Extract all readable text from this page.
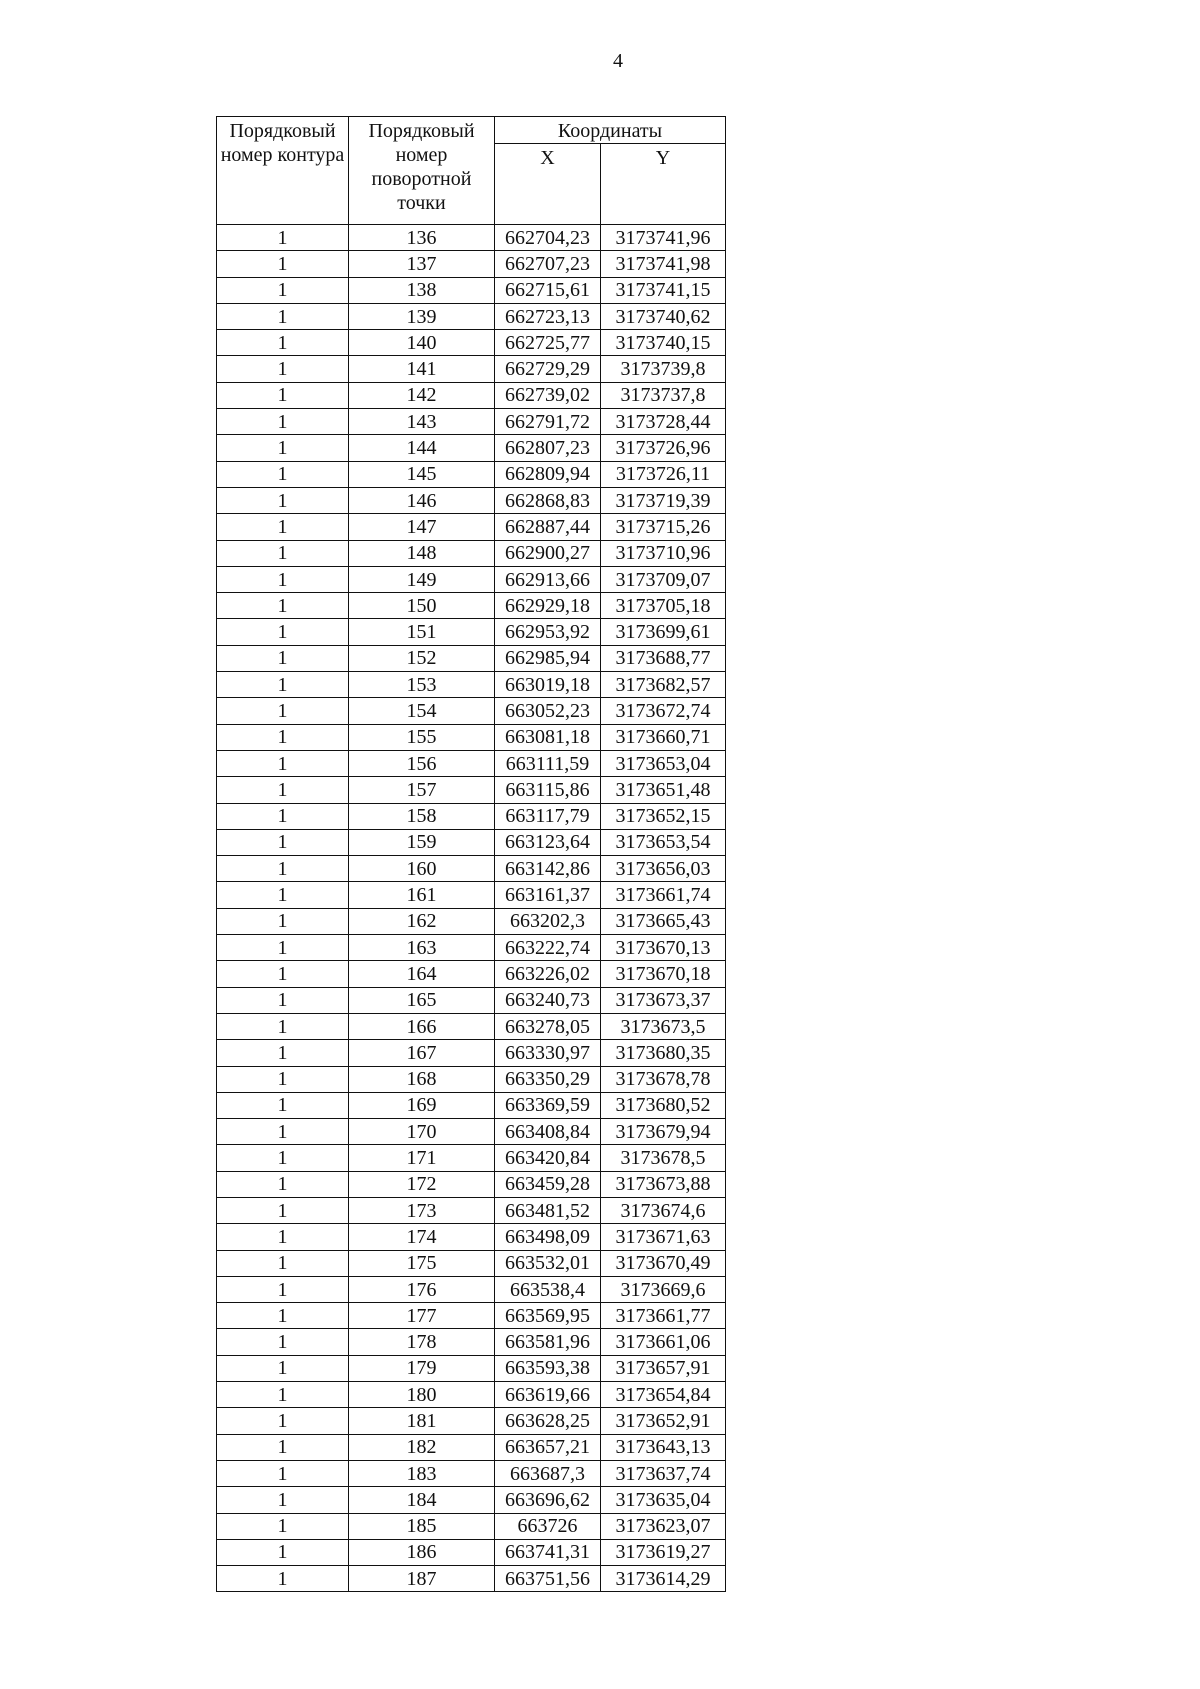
4
Порядковый номер контура	Порядковый номер поворотной точки	Координаты	
		X	Y
1	136	662704,23	3173741,96
1	137	662707,23	3173741,98
1	138	662715,61	3173741,15
1	139	662723,13	3173740,62
1	140	662725,77	3173740,15
1	141	662729,29	3173739,8
1	142	662739,02	3173737,8
1	143	662791,72	3173728,44
1	144	662807,23	3173726,96
1	145	662809,94	3173726,11
1	146	662868,83	3173719,39
1	147	662887,44	3173715,26
1	148	662900,27	3173710,96
1	149	662913,66	3173709,07
1	150	662929,18	3173705,18
1	151	662953,92	3173699,61
1	152	662985,94	3173688,77
1	153	663019,18	3173682,57
1	154	663052,23	3173672,74
1	155	663081,18	3173660,71
1	156	663111,59	3173653,04
1	157	663115,86	3173651,48
1	158	663117,79	3173652,15
1	159	663123,64	3173653,54
1	160	663142,86	3173656,03
1	161	663161,37	3173661,74
1	162	663202,3	3173665,43
1	163	663222,74	3173670,13
1	164	663226,02	3173670,18
1	165	663240,73	3173673,37
1	166	663278,05	3173673,5
1	167	663330,97	3173680,35
1	168	663350,29	3173678,78
1	169	663369,59	3173680,52
1	170	663408,84	3173679,94
1	171	663420,84	3173678,5
1	172	663459,28	3173673,88
1	173	663481,52	3173674,6
1	174	663498,09	3173671,63
1	175	663532,01	3173670,49
1	176	663538,4	3173669,6
1	177	663569,95	3173661,77
1	178	663581,96	3173661,06
1	179	663593,38	3173657,91
1	180	663619,66	3173654,84
1	181	663628,25	3173652,91
1	182	663657,21	3173643,13
1	183	663687,3	3173637,74
1	184	663696,62	3173635,04
1	185	663726	3173623,07
1	186	663741,31	3173619,27
1	187	663751,56	3173614,29
